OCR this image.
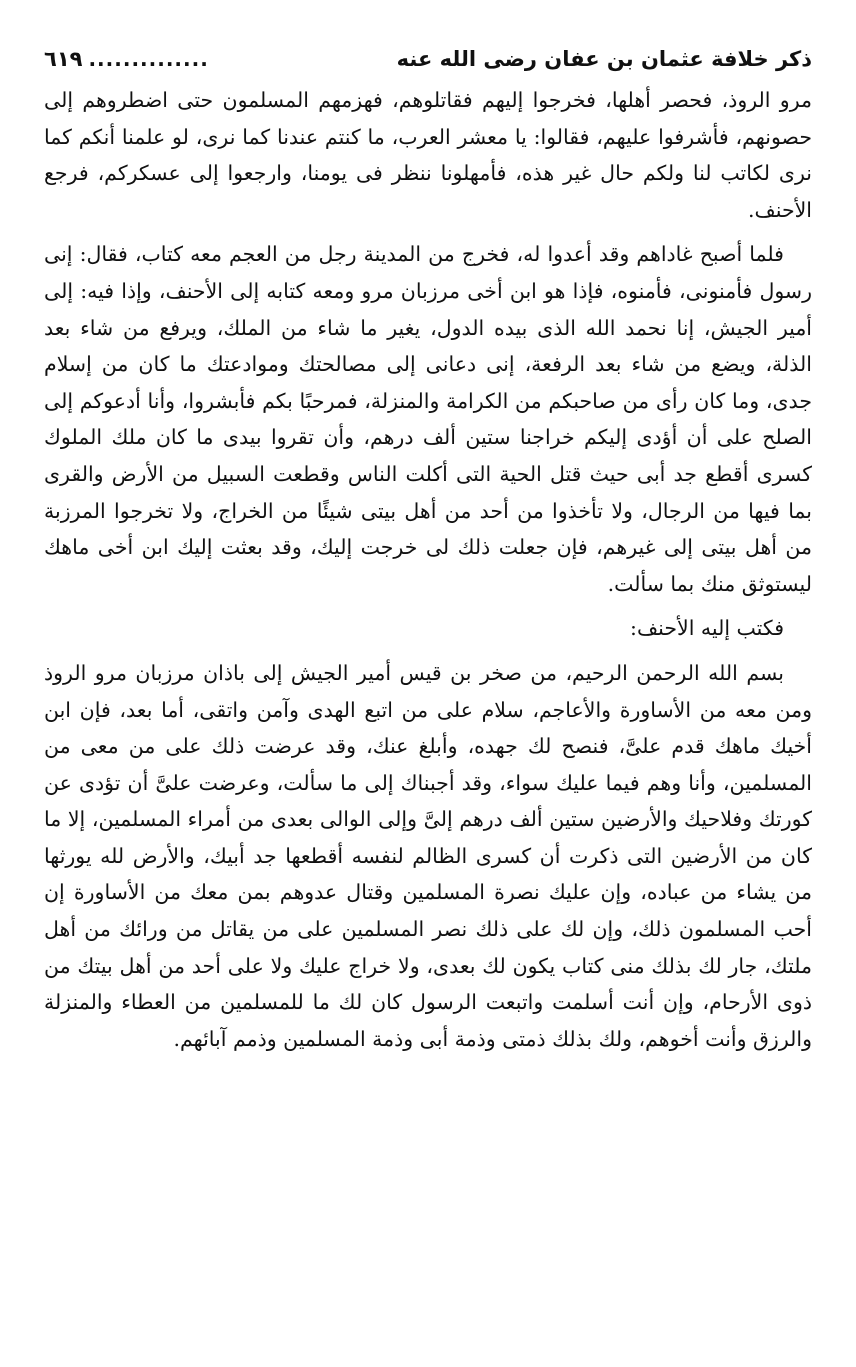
ذكر خلافة عثمان بن عفان رضى الله عنه
..............
٦١٩

مرو الروذ، فحصر أهلها، فخرجوا إليهم فقاتلوهم، فهزمهم المسلمون حتى اضطروهم إلى حصونهم، فأشرفوا عليهم، فقالوا: يا معشر العرب، ما كنتم عندنا كما نرى، لو علمنا أنكم كما نرى لكاتب لنا ولكم حال غير هذه، فأمهلونا ننظر فى يومنا، وارجعوا إلى عسكركم، فرجع الأحنف.

فلما أصبح غاداهم وقد أعدوا له، فخرج من المدينة رجل من العجم معه كتاب، فقال: إنى رسول فأمنونى، فأمنوه، فإذا هو ابن أخى مرزبان مرو ومعه كتابه إلى الأحنف، وإذا فيه: إلى أمير الجيش، إنا نحمد الله الذى بيده الدول، يغير ما شاء من الملك، ويرفع من شاء بعد الذلة، ويضع من شاء بعد الرفعة، إنى دعانى إلى مصالحتك وموادعتك ما كان من إسلام جدى، وما كان رأى من صاحبكم من الكرامة والمنزلة، فمرحبًا بكم فأبشروا، وأنا أدعوكم إلى الصلح على أن أؤدى إليكم خراجنا ستين ألف درهم، وأن تقروا بيدى ما كان ملك الملوك كسرى أقطع جد أبى حيث قتل الحية التى أكلت الناس وقطعت السبيل من الأرض والقرى بما فيها من الرجال، ولا تأخذوا من أحد من أهل بيتى شيئًا من الخراج، ولا تخرجوا المرزبة من أهل بيتى إلى غيرهم، فإن جعلت ذلك لى خرجت إليك، وقد بعثت إليك ابن أخى ماهك ليستوثق منك بما سألت.

فكتب إليه الأحنف:

بسم الله الرحمن الرحيم، من صخر بن قيس أمير الجيش إلى باذان مرزبان مرو الروذ ومن معه من الأساورة والأعاجم، سلام على من اتبع الهدى وآمن واتقى، أما بعد، فإن ابن أخيك ماهك قدم علىَّ، فنصح لك جهده، وأبلغ عنك، وقد عرضت ذلك على من معى من المسلمين، وأنا وهم فيما عليك سواء، وقد أجبناك إلى ما سألت، وعرضت علىَّ أن تؤدى عن كورتك وفلاحيك والأرضين ستين ألف درهم إلىَّ وإلى الوالى بعدى من أمراء المسلمين، إلا ما كان من الأرضين التى ذكرت أن كسرى الظالم لنفسه أقطعها جد أبيك، والأرض لله يورثها من يشاء من عباده، وإن عليك نصرة المسلمين وقتال عدوهم بمن معك من الأساورة إن أحب المسلمون ذلك، وإن لك على ذلك نصر المسلمين على من يقاتل من ورائك من أهل ملتك، جار لك بذلك منى كتاب يكون لك بعدى، ولا خراج عليك ولا على أحد من أهل بيتك من ذوى الأرحام، وإن أنت أسلمت واتبعت الرسول كان لك ما للمسلمين من العطاء والمنزلة والرزق وأنت أخوهم، ولك بذلك ذمتى وذمة أبى وذمة المسلمين وذمم آبائهم.
